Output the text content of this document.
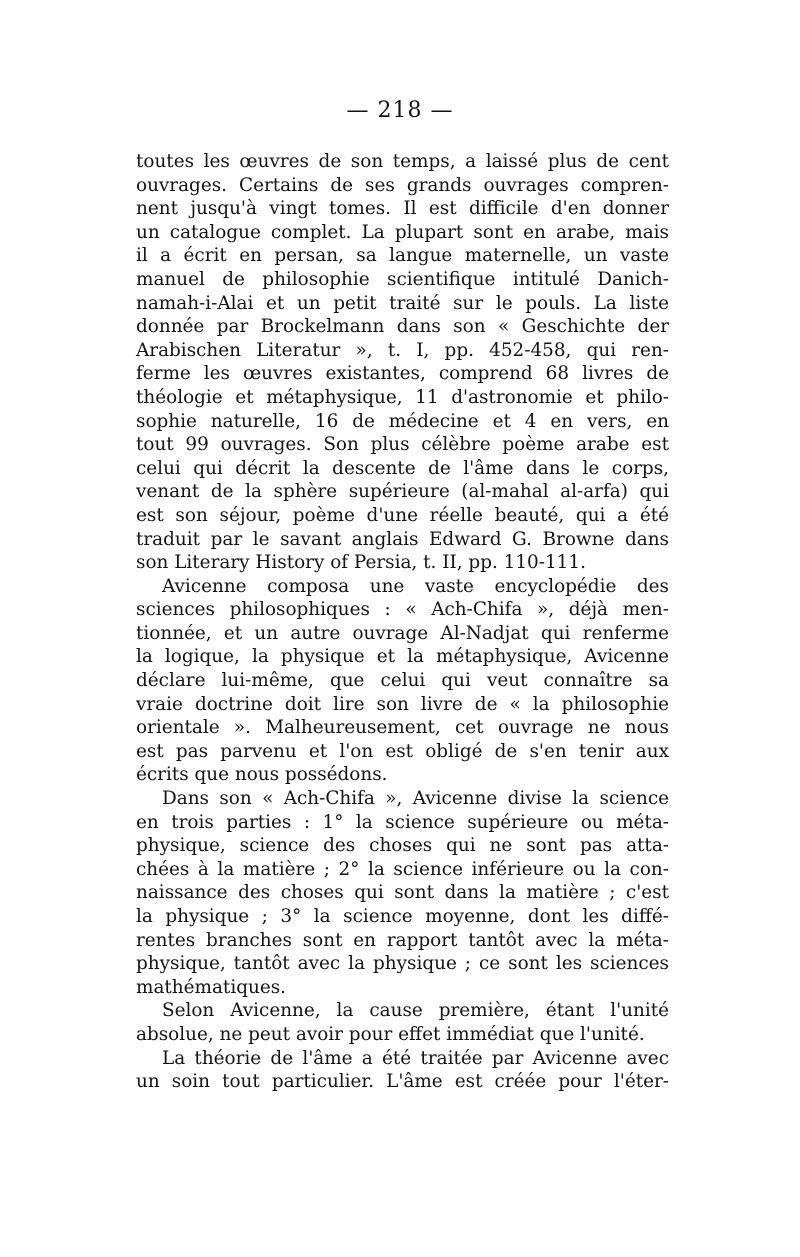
— 218 —
toutes les œuvres de son temps, a laissé plus de cent
ouvrages. Certains de ses grands ouvrages compren-
nent jusqu'à vingt tomes. Il est difficile d'en donner
un catalogue complet. La plupart sont en arabe, mais
il a écrit en persan, sa langue maternelle, un vaste
manuel de philosophie scientifique intitulé Danich-
namah-i-Alai et un petit traité sur le pouls. La liste
donnée par Brockelmann dans son « Geschichte der
Arabischen Literatur », t. I, pp. 452-458, qui ren-
ferme les œuvres existantes, comprend 68 livres de
théologie et métaphysique, 11 d'astronomie et philo-
sophie naturelle, 16 de médecine et 4 en vers, en
tout 99 ouvrages. Son plus célèbre poème arabe est
celui qui décrit la descente de l'âme dans le corps,
venant de la sphère supérieure (al-mahal al-arfa) qui
est son séjour, poème d'une réelle beauté, qui a été
traduit par le savant anglais Edward G. Browne dans
son Literary History of Persia, t. II, pp. 110-111.
Avicenne composa une vaste encyclopédie des
sciences philosophiques : « Ach-Chifa », déjà men-
tionnée, et un autre ouvrage Al-Nadjat qui renferme
la logique, la physique et la métaphysique, Avicenne
déclare lui-même, que celui qui veut connaître sa
vraie doctrine doit lire son livre de « la philosophie
orientale ». Malheureusement, cet ouvrage ne nous
est pas parvenu et l'on est obligé de s'en tenir aux
écrits que nous possédons.
Dans son « Ach-Chifa », Avicenne divise la science
en trois parties : 1° la science supérieure ou méta-
physique, science des choses qui ne sont pas atta-
chées à la matière ; 2° la science inférieure ou la con-
naissance des choses qui sont dans la matière ; c'est
la physique ; 3° la science moyenne, dont les diffé-
rentes branches sont en rapport tantôt avec la méta-
physique, tantôt avec la physique ; ce sont les sciences
mathématiques.
Selon Avicenne, la cause première, étant l'unité
absolue, ne peut avoir pour effet immédiat que l'unité.
La théorie de l'âme a été traitée par Avicenne avec
un soin tout particulier. L'âme est créée pour l'éter-
